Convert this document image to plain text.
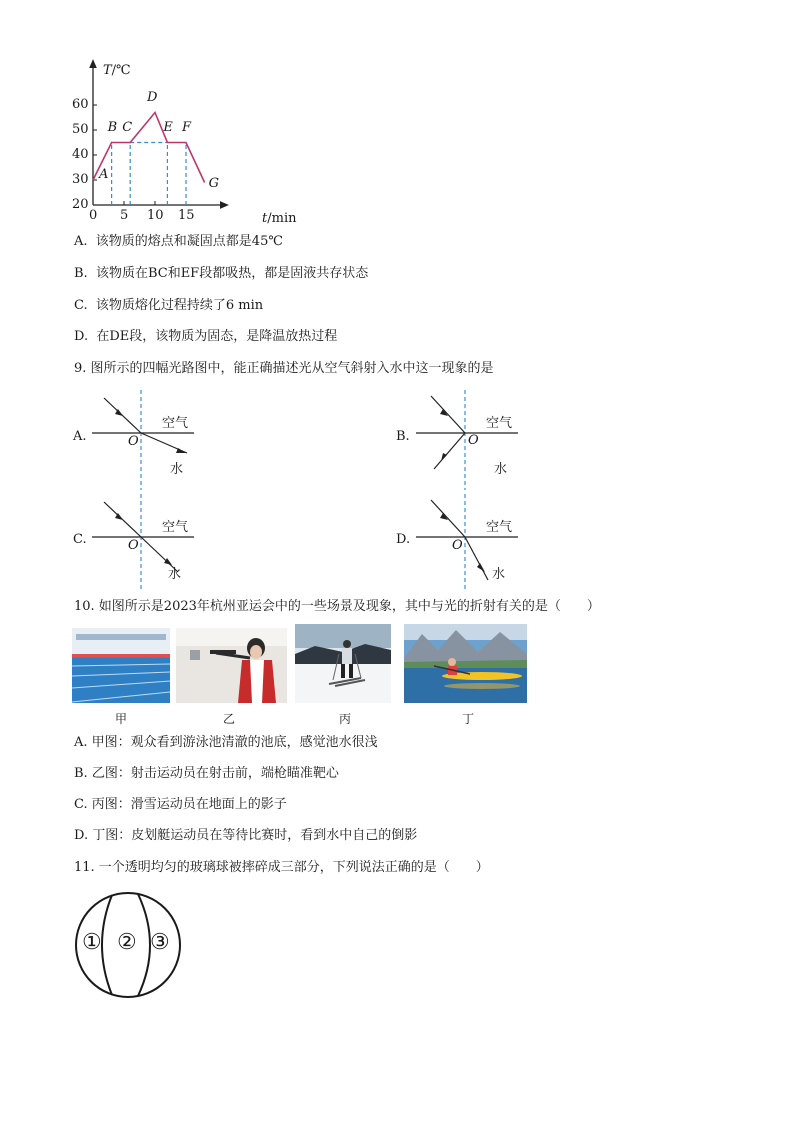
T/℃
t/min
60
50
40
30
20
0 5 10 15
A
B C
D
E F
G
A. 该物质的熔点和凝固点都是45℃
B. 该物质在BC和EF段都吸热，都是固液共存状态
C. 该物质熔化过程持续了6 min
D. 在DE段，该物质为固态，是降温放热过程
9. 图所示的四幅光路图中，能正确描述光从空气斜射入水中这一现象的是
A.
空气
O
水
B.
空气
O
水
C.
空气
O
水
D.
空气
O
水
10. 如图所示是2023年杭州亚运会中的一些场景及现象，其中与光的折射有关的是（　　）
甲	乙	丙	丁
A. 甲图：观众看到游泳池清澈的池底，感觉池水很浅
B. 乙图：射击运动员在射击前，端枪瞄准靶心
C. 丙图：滑雪运动员在地面上的影子
D. 丁图：皮划艇运动员在等待比赛时，看到水中自己的倒影
11. 一个透明均匀的玻璃球被摔碎成三部分，下列说法正确的是（　　）
① ② ③
